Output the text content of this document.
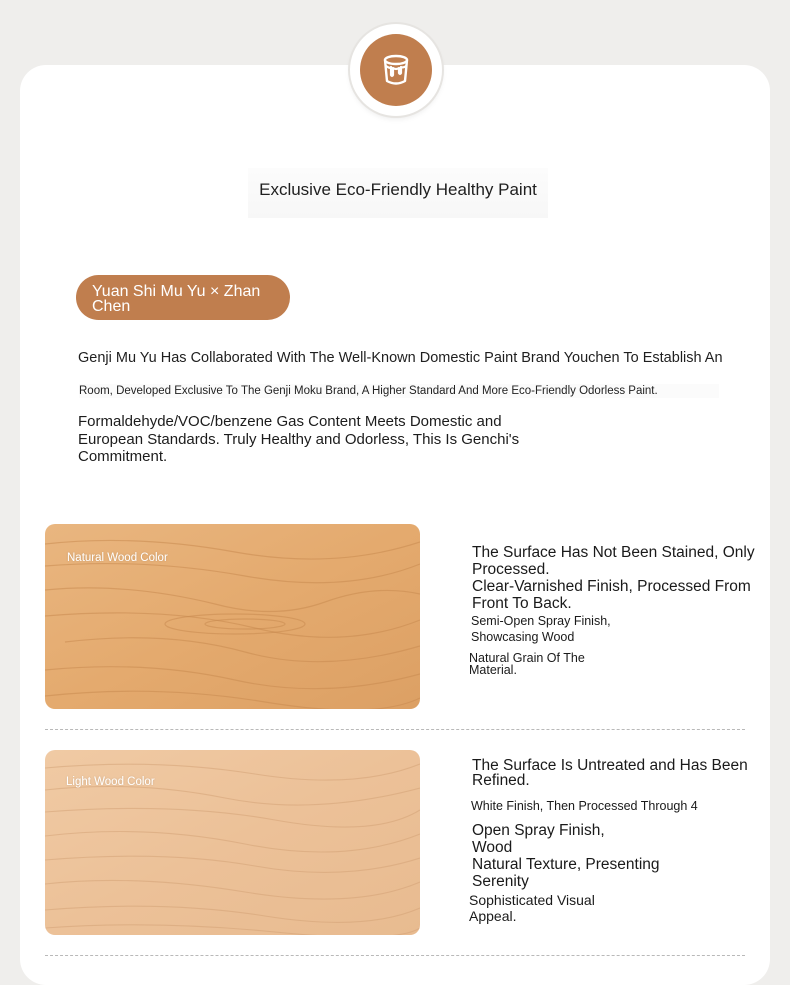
Exclusive Eco-Friendly Healthy Paint
Yuan Shi Mu Yu × Zhan
Chen
Genji Mu Yu Has Collaborated With The Well-Known Domestic Paint Brand Youchen To Establish An
Room, Developed Exclusive To The Genji Moku Brand, A Higher Standard And More Eco-Friendly Odorless Paint.
Formaldehyde/VOC/benzene Gas Content Meets Domestic and
European Standards. Truly Healthy and Odorless, This Is Genchi's
Commitment.
Natural Wood Color	The Surface Has Not Been Stained, Only
Processed.
Clear-Varnished Finish, Processed From
Front To Back.
Semi-Open Spray Finish,
Showcasing Wood
Natural Grain Of The
Material.
Light Wood Color
The Surface Is Untreated and Has Been
Refined.
White Finish, Then Processed Through 4
Open Spray Finish,
Wood
Natural Texture, Presenting
Serenity
Sophisticated Visual
Appeal.
